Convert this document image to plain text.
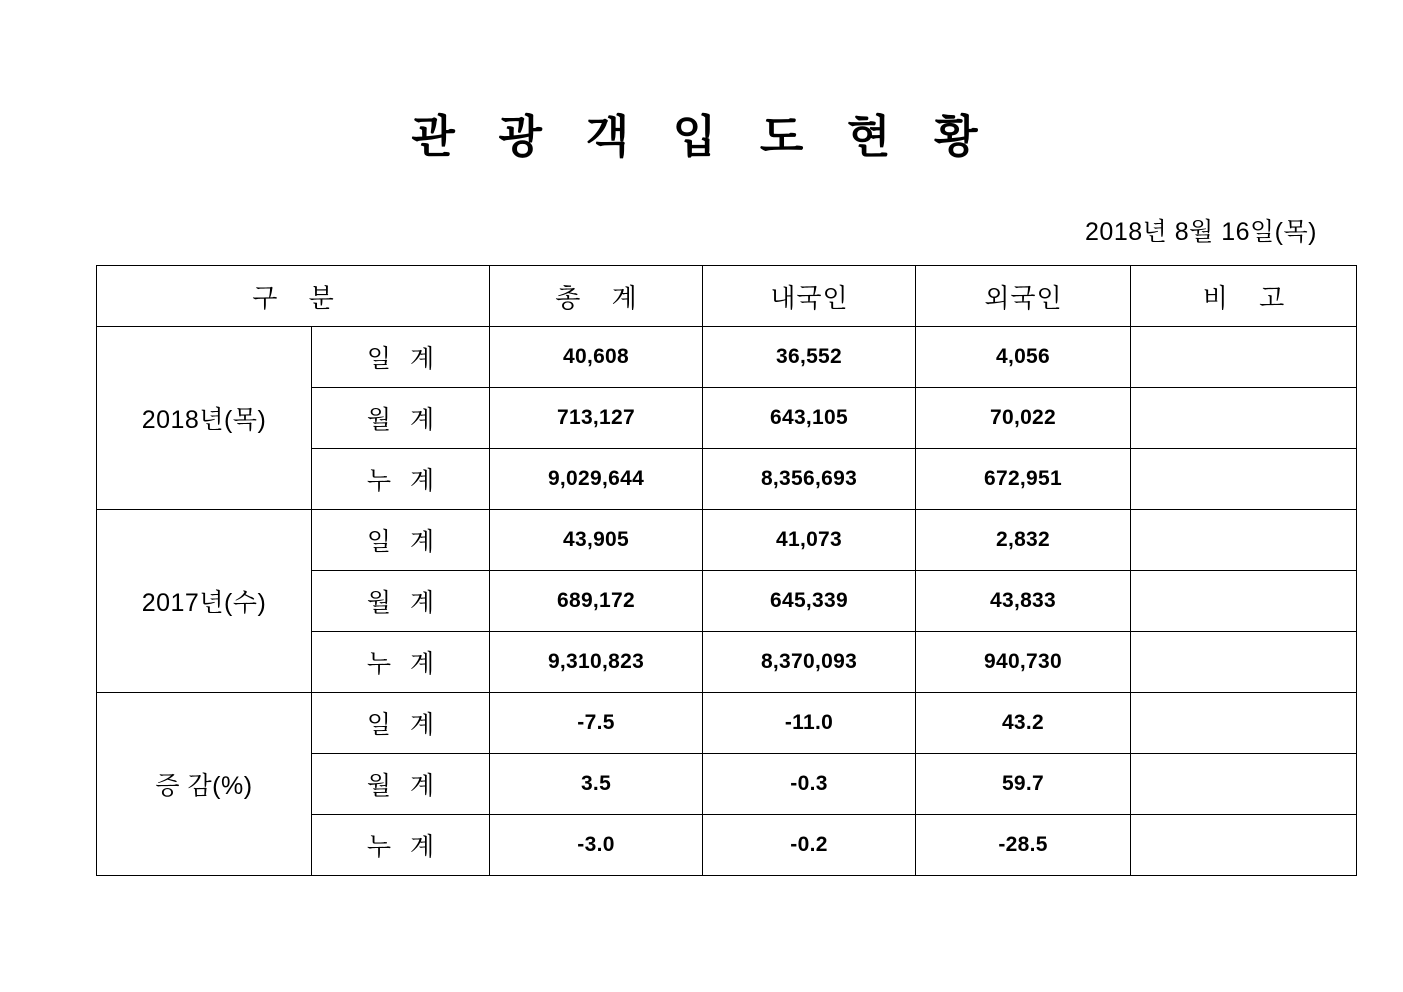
관 광 객 입 도 현 황
2018년 8월 16일(목)
구 분		총 계	내국인	외국인	비 고
2018년(목)	일 계	40,608	36,552	4,056	
	월 계	713,127	643,105	70,022	
	누 계	9,029,644	8,356,693	672,951	
2017년(수)	일 계	43,905	41,073	2,832	
	월 계	689,172	645,339	43,833	
	누 계	9,310,823	8,370,093	940,730	
증 감(%)	일 계	-7.5	-11.0	43.2	
	월 계	3.5	-0.3	59.7	
	누 계	-3.0	-0.2	-28.5	
